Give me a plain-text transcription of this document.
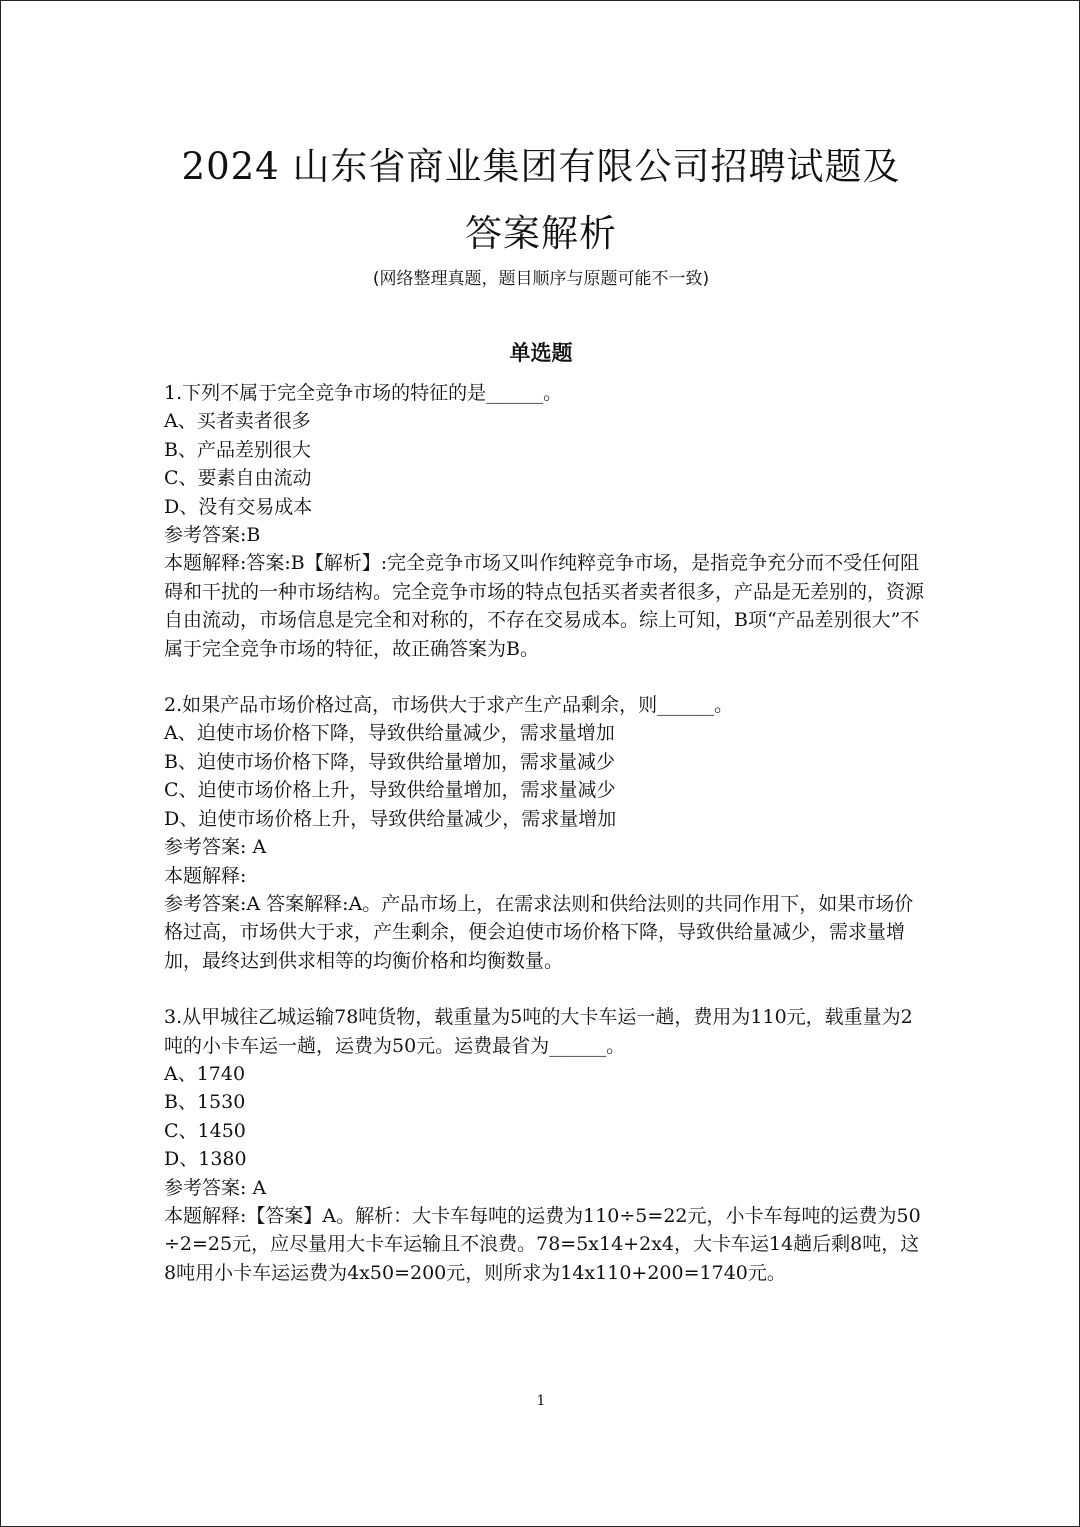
2024 山东省商业集团有限公司招聘试题及
答案解析
(网络整理真题，题目顺序与原题可能不一致)
单选题
1.下列不属于完全竞争市场的特征的是______。
A、买者卖者很多
B、产品差别很大
C、要素自由流动
D、没有交易成本
参考答案:B
本题解释:答案:B【解析】:完全竞争市场又叫作纯粹竞争市场，是指竞争充分而不受任何阻碍和干扰的一种市场结构。完全竞争市场的特点包括买者卖者很多，产品是无差别的，资源自由流动，市场信息是完全和对称的，不存在交易成本。综上可知，B项“产品差别很大”不属于完全竞争市场的特征，故正确答案为B。
2.如果产品市场价格过高，市场供大于求产生产品剩余，则______。
A、迫使市场价格下降，导致供给量减少，需求量增加
B、迫使市场价格下降，导致供给量增加，需求量减少
C、迫使市场价格上升，导致供给量增加，需求量减少
D、迫使市场价格上升，导致供给量减少，需求量增加
参考答案: A
本题解释:
参考答案:A 答案解释:A。产品市场上，在需求法则和供给法则的共同作用下，如果市场价格过高，市场供大于求，产生剩余，便会迫使市场价格下降，导致供给量减少，需求量增加，最终达到供求相等的均衡价格和均衡数量。
3.从甲城往乙城运输78吨货物，载重量为5吨的大卡车运一趟，费用为110元，载重量为2吨的小卡车运一趟，运费为50元。运费最省为______。
A、1740
B、1530
C、1450
D、1380
参考答案: A
本题解释:【答案】A。解析：大卡车每吨的运费为110÷5=22元，小卡车每吨的运费为50÷2=25元，应尽量用大卡车运输且不浪费。78=5x14+2x4，大卡车运14趟后剩8吨，这8吨用小卡车运运费为4x50=200元，则所求为14x110+200=1740元。
1
